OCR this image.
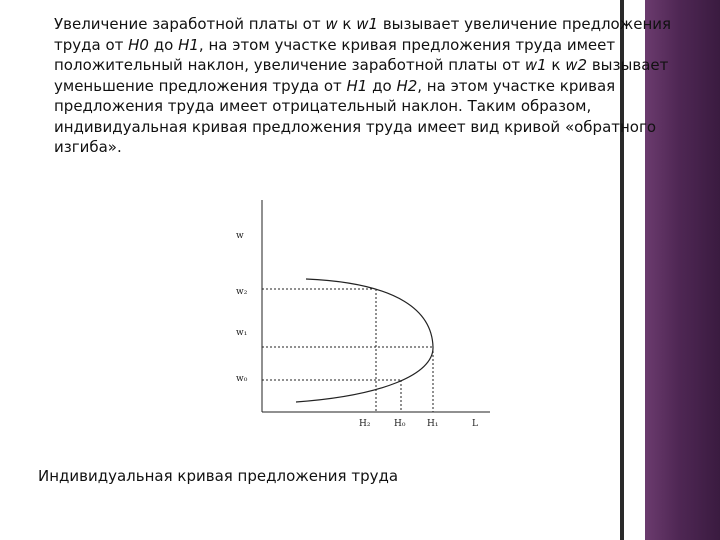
Увеличение заработной платы от w к w1 вызывает увеличение предложения труда от H0 до H1, на этом участке кривая предложения труда имеет положительный наклон, увеличение заработной платы от w1 к w2 вызывает уменьшение предложения труда от H1 до H2, на этом участке кривая предложения труда имеет отрицательный наклон. Таким образом, индивидуальная кривая предложения труда имеет вид кривой «обратного изгиба».
w
w₂
w₁
w₀
H₂	H₀ H₁	L
Индивидуальная кривая предложения труда
